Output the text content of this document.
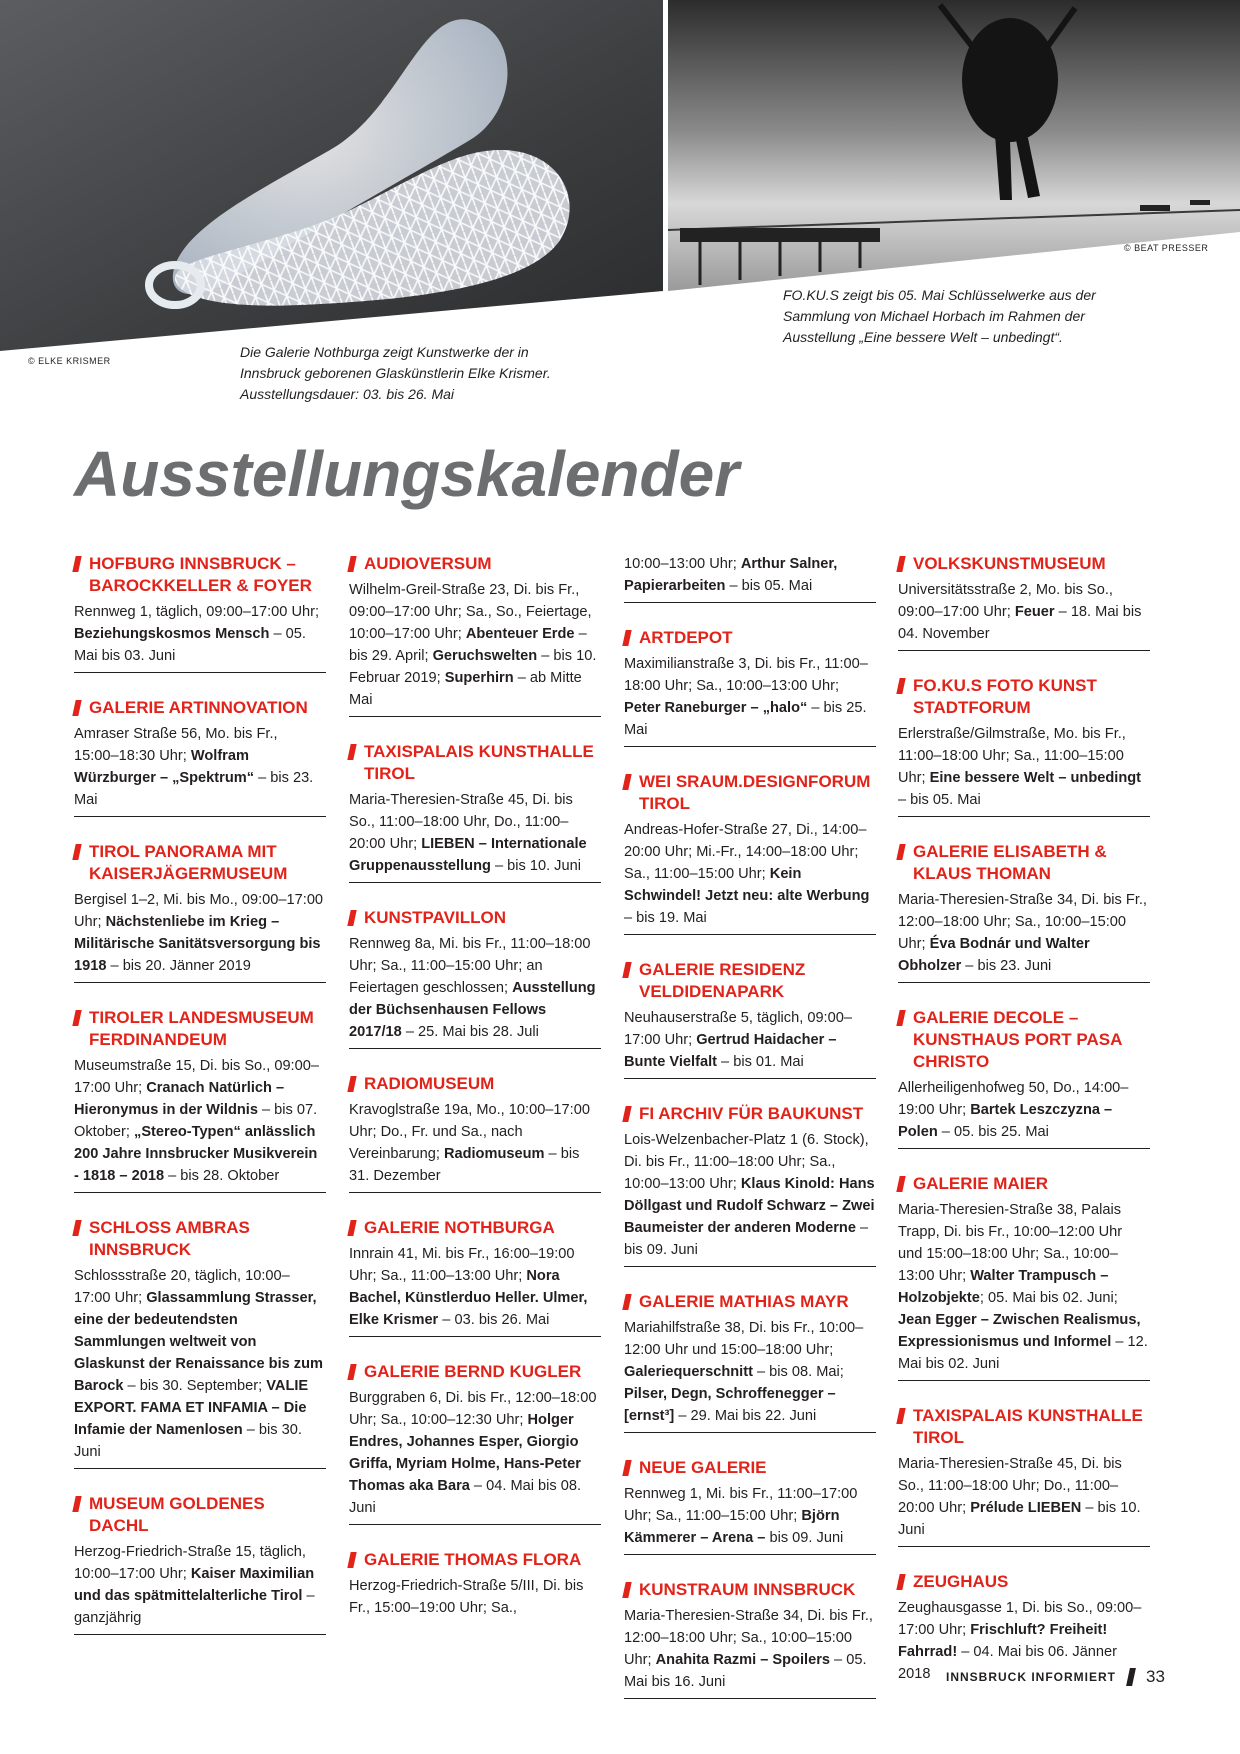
© ELKE KRISMER
© BEAT PRESSER
Die Galerie Nothburga zeigt Kunstwerke der in Innsbruck geborenen Glaskünstlerin Elke Krismer. Ausstellungsdauer: 03. bis 26. Mai
FO.KU.S zeigt bis 05. Mai Schlüsselwerke aus der Sammlung von Michael Horbach im Rahmen der Ausstellung „Eine bessere Welt – unbedingt“.
Ausstellungskalender
HOFBURG INNSBRUCK – BAROCKKELLER & FOYER
Rennweg 1, täglich, 09:00–17:00 Uhr; Beziehungskosmos Mensch – 05. Mai bis 03. Juni
GALERIE ARTINNOVATION
Amraser Straße 56, Mo. bis Fr., 15:00–18:30 Uhr; Wolfram Würzburger – „Spektrum“ – bis 23. Mai
TIROL PANORAMA MIT KAISERJÄGERMUSEUM
Bergisel 1–2, Mi. bis Mo., 09:00–17:00 Uhr; Nächstenliebe im Krieg – Militärische Sanitätsversorgung bis 1918 – bis 20. Jänner 2019
TIROLER LANDESMUSEUM FERDINANDEUM
Museumstraße 15, Di. bis So., 09:00–17:00 Uhr; Cranach Natürlich – Hieronymus in der Wildnis – bis 07. Oktober; „Stereo-Typen“ anlässlich 200 Jahre Innsbrucker Musikverein - 1818 – 2018 – bis 28. Oktober
SCHLOSS AMBRAS INNSBRUCK
Schlossstraße 20, täglich, 10:00–17:00 Uhr; Glassammlung Strasser, eine der bedeutendsten Sammlungen weltweit von Glaskunst der Renaissance bis zum Barock – bis 30. September; VALIE EXPORT. FAMA ET INFAMIA – Die Infamie der Namenlosen – bis 30. Juni
MUSEUM GOLDENES DACHL
Herzog-Friedrich-Straße 15, täglich, 10:00–17:00 Uhr; Kaiser Maximilian und das spätmittelalterliche Tirol – ganzjährig
AUDIOVERSUM
Wilhelm-Greil-Straße 23, Di. bis Fr., 09:00–17:00 Uhr; Sa., So., Feiertage, 10:00–17:00 Uhr; Abenteuer Erde – bis 29. April; Geruchswelten – bis 10. Februar 2019; Superhirn – ab Mitte Mai
TAXISPALAIS KUNSTHALLE TIROL
Maria-Theresien-Straße 45, Di. bis So., 11:00–18:00 Uhr, Do., 11:00–20:00 Uhr; LIEBEN – Internationale Gruppenausstellung – bis 10. Juni
KUNSTPAVILLON
Rennweg 8a, Mi. bis Fr., 11:00–18:00 Uhr; Sa., 11:00–15:00 Uhr; an Feiertagen geschlossen; Ausstellung der Büchsenhausen Fellows 2017/18 – 25. Mai bis 28. Juli
RADIOMUSEUM
Kravoglstraße 19a, Mo., 10:00–17:00 Uhr; Do., Fr. und Sa., nach Vereinbarung; Radiomuseum – bis 31. Dezember
GALERIE NOTHBURGA
Innrain 41, Mi. bis Fr., 16:00–19:00 Uhr; Sa., 11:00–13:00 Uhr; Nora Bachel, Künstlerduo Heller. Ulmer, Elke Krismer – 03. bis 26. Mai
GALERIE BERND KUGLER
Burggraben 6, Di. bis Fr., 12:00–18:00 Uhr; Sa., 10:00–12:30 Uhr; Holger Endres, Johannes Esper, Giorgio Griffa, Myriam Holme, Hans-Peter Thomas aka Bara – 04. Mai bis 08. Juni
GALERIE THOMAS FLORA
Herzog-Friedrich-Straße 5/III, Di. bis Fr., 15:00–19:00 Uhr; Sa.,
10:00–13:00 Uhr; Arthur Salner, Papierarbeiten – bis 05. Mai
ARTDEPOT
Maximilianstraße 3, Di. bis Fr., 11:00–18:00 Uhr; Sa., 10:00–13:00 Uhr; Peter Raneburger – „halo“ – bis 25. Mai
WEI SRAUM.DESIGNFORUM TIROL
Andreas-Hofer-Straße 27, Di., 14:00–20:00 Uhr; Mi.-Fr., 14:00–18:00 Uhr; Sa., 11:00–15:00 Uhr; Kein Schwindel! Jetzt neu: alte Werbung – bis 19. Mai
GALERIE RESIDENZ VELDIDENAPARK
Neuhauserstraße 5, täglich, 09:00–17:00 Uhr; Gertrud Haidacher – Bunte Vielfalt – bis 01. Mai
FI ARCHIV FÜR BAUKUNST
Lois-Welzenbacher-Platz 1 (6. Stock), Di. bis Fr., 11:00–18:00 Uhr; Sa., 10:00–13:00 Uhr; Klaus Kinold: Hans Döllgast und Rudolf Schwarz – Zwei Baumeister der anderen Moderne – bis 09. Juni
GALERIE MATHIAS MAYR
Mariahilfstraße 38, Di. bis Fr., 10:00–12:00 Uhr und 15:00–18:00 Uhr; Galeriequerschnitt – bis 08. Mai; Pilser, Degn, Schroffenegger – [ernst³] – 29. Mai bis 22. Juni
NEUE GALERIE
Rennweg 1, Mi. bis Fr., 11:00–17:00 Uhr; Sa., 11:00–15:00 Uhr; Björn Kämmerer – Arena – bis 09. Juni
KUNSTRAUM INNSBRUCK
Maria-Theresien-Straße 34, Di. bis Fr., 12:00–18:00 Uhr; Sa., 10:00–15:00 Uhr; Anahita Razmi – Spoilers – 05. Mai bis 16. Juni
VOLKSKUNSTMUSEUM
Universitätsstraße 2, Mo. bis So., 09:00–17:00 Uhr; Feuer – 18. Mai bis 04. November
FO.KU.S FOTO KUNST STADTFORUM
Erlerstraße/Gilmstraße, Mo. bis Fr., 11:00–18:00 Uhr; Sa., 11:00–15:00 Uhr; Eine bessere Welt – unbedingt – bis 05. Mai
GALERIE ELISABETH & KLAUS THOMAN
Maria-Theresien-Straße 34, Di. bis Fr., 12:00–18:00 Uhr; Sa., 10:00–15:00 Uhr; Éva Bodnár und Walter Obholzer – bis 23. Juni
GALERIE DECOLE – KUNSTHAUS PORT PASA CHRISTO
Allerheiligenhofweg 50, Do., 14:00–19:00 Uhr; Bartek Leszczyzna – Polen – 05. bis 25. Mai
GALERIE MAIER
Maria-Theresien-Straße 38, Palais Trapp, Di. bis Fr., 10:00–12:00 Uhr und 15:00–18:00 Uhr; Sa., 10:00–13:00 Uhr; Walter Trampusch – Holzobjekte; 05. Mai bis 02. Juni; Jean Egger – Zwischen Realismus, Expressionismus und Informel – 12. Mai bis 02. Juni
TAXISPALAIS KUNSTHALLE TIROL
Maria-Theresien-Straße 45, Di. bis So., 11:00–18:00 Uhr; Do., 11:00–20:00 Uhr; Prélude LIEBEN – bis 10. Juni
ZEUGHAUS
Zeughausgasse 1, Di. bis So., 09:00–17:00 Uhr; Frischluft? Freiheit! Fahrrad! – 04. Mai bis 06. Jänner 2018	INNSBRUCK INFORMIERT 33
